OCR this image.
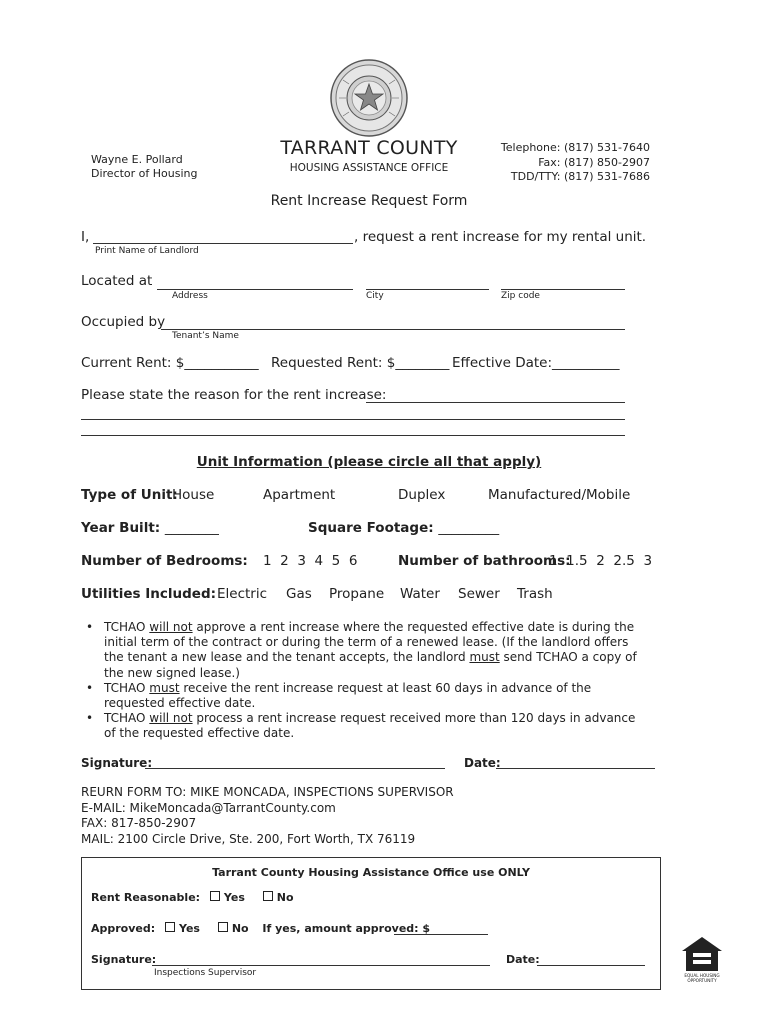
Wayne E. Pollard
Director of Housing
TARRANT COUNTY
HOUSING ASSISTANCE OFFICE
Telephone: (817) 531-7640
Fax: (817) 850-2907
TDD/TTY: (817) 531-7686
Rent Increase Request Form
I,	, request a rent increase for my rental unit.
Print Name of Landlord
Located at
Address	City	Zip code
Occupied by
Tenant’s Name
Current Rent: $___________ Requested Rent: $________ Effective Date:__________
Please state the reason for the rent increase:
Unit Information (please circle all that apply)
Type of Unit:
House	Apartment	Duplex	Manufactured/Mobile
Year Built: ________	Square Footage: _________
Number of Bedrooms: 1  2  3  4  5  6	Number of bathrooms:
1  1.5  2  2.5  3
Utilities Included: Electric Gas Propane Water Sewer Trash
• TCHAO will not approve a rent increase where the requested effective date is during the initial term of the contract or during the term of a renewed lease. (If the landlord offers the tenant a new lease and the tenant accepts, the landlord must send TCHAO a copy of the new signed lease.)
• TCHAO must receive the rent increase request at least 60 days in advance of the requested effective date.
• TCHAO will not process a rent increase request received more than 120 days in advance of the requested effective date.
Signature:	Date:
REURN FORM TO: MIKE MONCADA, INSPECTIONS SUPERVISOR
E-MAIL: MikeMoncada@TarrantCounty.com
FAX: 817-850-2907
MAIL: 2100 Circle Drive, Ste. 200, Fort Worth, TX 76119
Tarrant County Housing Assistance Office use ONLY
Rent Reasonable: Yes	No
Approved: Yes	No If yes, amount approved: $
Signature:	Date:
Inspections Supervisor	EQUAL HOUSING
OPPORTUNITY
